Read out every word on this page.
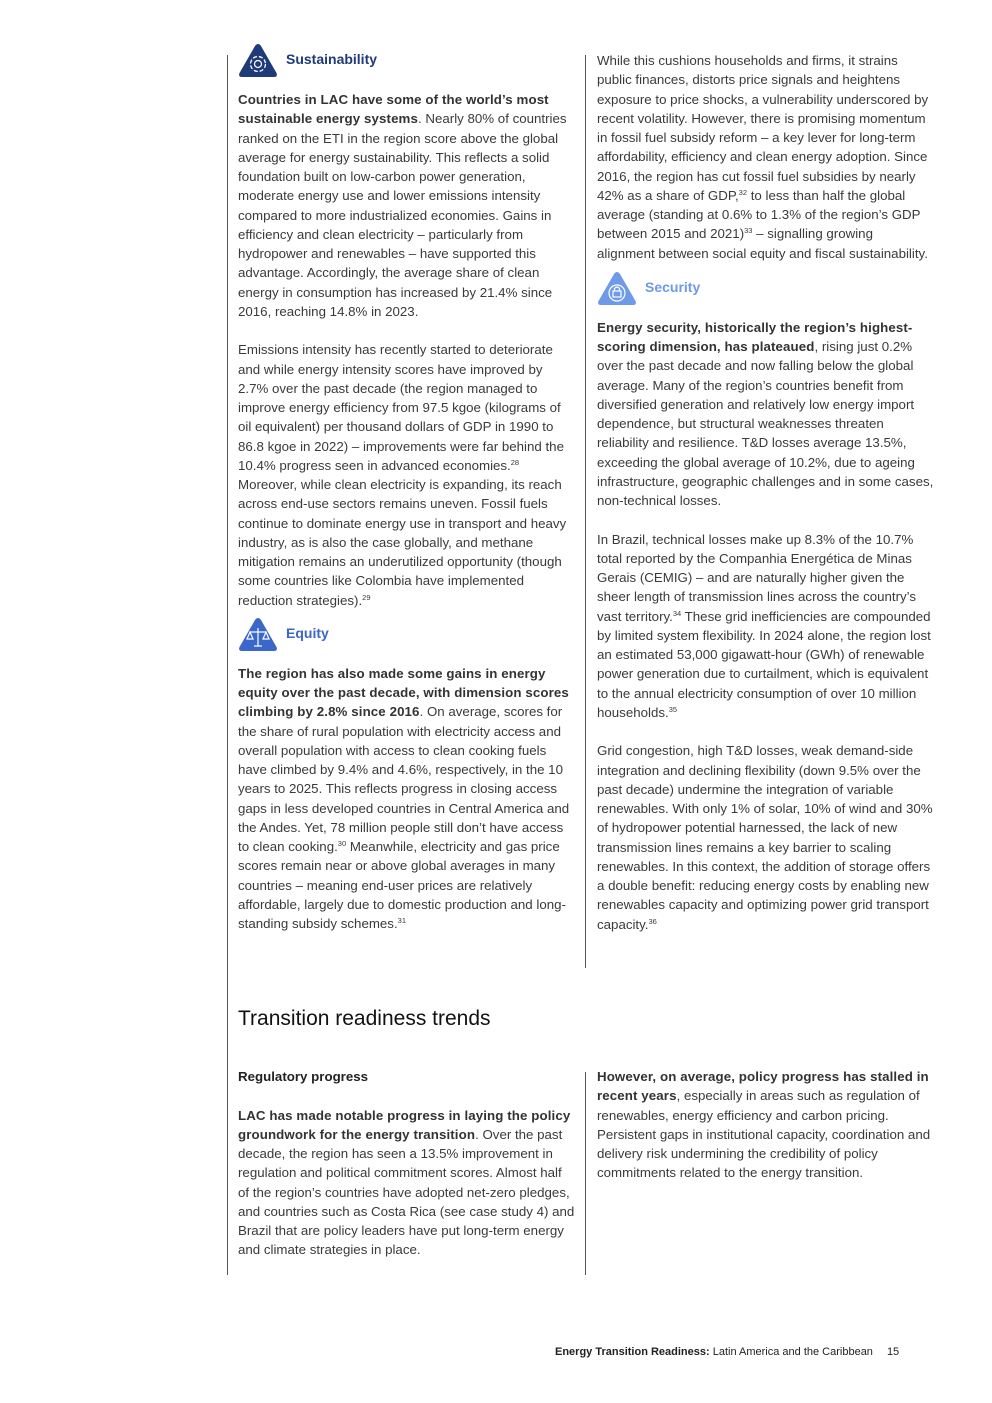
Sustainability

Countries in LAC have some of the world’s most sustainable energy systems. Nearly 80% of countries ranked on the ETI in the region score above the global average for energy sustainability. This reflects a solid foundation built on low-carbon power generation, moderate energy use and lower emissions intensity compared to more industrialized economies. Gains in efficiency and clean electricity – particularly from hydropower and renewables – have supported this advantage. Accordingly, the average share of clean energy in consumption has increased by 21.4% since 2016, reaching 14.8% in 2023.

Emissions intensity has recently started to deteriorate and while energy intensity scores have improved by 2.7% over the past decade (the region managed to improve energy efficiency from 97.5 kgoe (kilograms of oil equivalent) per thousand dollars of GDP in 1990 to 86.8 kgoe in 2022) – improvements were far behind the 10.4% progress seen in advanced economies.$^{28}$ Moreover, while clean electricity is expanding, its reach across end-use sectors remains uneven. Fossil fuels continue to dominate energy use in transport and heavy industry, as is also the case globally, and methane mitigation remains an underutilized opportunity (though some countries like Colombia have implemented reduction strategies).$^{29}$

Equity

The region has also made some gains in energy equity over the past decade, with dimension scores climbing by 2.8% since 2016. On average, scores for the share of rural population with electricity access and overall population with access to clean cooking fuels have climbed by 9.4% and 4.6%, respectively, in the 10 years to 2025. This reflects progress in closing access gaps in less developed countries in Central America and the Andes. Yet, 78 million people still don’t have access to clean cooking.$^{30}$ Meanwhile, electricity and gas price scores remain near or above global averages in many countries – meaning end-user prices are relatively affordable, largely due to domestic production and long-standing subsidy schemes.$^{31}$

While this cushions households and firms, it strains public finances, distorts price signals and heightens exposure to price shocks, a vulnerability underscored by recent volatility. However, there is promising momentum in fossil fuel subsidy reform – a key lever for long-term affordability, efficiency and clean energy adoption. Since 2016, the region has cut fossil fuel subsidies by nearly 42% as a share of GDP,$^{32}$ to less than half the global average (standing at 0.6% to 1.3% of the region’s GDP between 2015 and 2021)$^{33}$ – signalling growing alignment between social equity and fiscal sustainability.

Security

Energy security, historically the region’s highest-scoring dimension, has plateaued, rising just 0.2% over the past decade and now falling below the global average. Many of the region’s countries benefit from diversified generation and relatively low energy import dependence, but structural weaknesses threaten reliability and resilience. T&D losses average 13.5%, exceeding the global average of 10.2%, due to ageing infrastructure, geographic challenges and in some cases, non-technical losses.

In Brazil, technical losses make up 8.3% of the 10.7% total reported by the Companhia Energética de Minas Gerais (CEMIG) – and are naturally higher given the sheer length of transmission lines across the country’s vast territory.$^{34}$ These grid inefficiencies are compounded by limited system flexibility. In 2024 alone, the region lost an estimated 53,000 gigawatt-hour (GWh) of renewable power generation due to curtailment, which is equivalent to the annual electricity consumption of over 10 million households.$^{35}$

Grid congestion, high T&D losses, weak demand-side integration and declining flexibility (down 9.5% over the past decade) undermine the integration of variable renewables. With only 1% of solar, 10% of wind and 30% of hydropower potential harnessed, the lack of new transmission lines remains a key barrier to scaling renewables. In this context, the addition of storage offers a double benefit: reducing energy costs by enabling new renewables capacity and optimizing power grid transport capacity.$^{36}$

Transition readiness trends

Regulatory progress

LAC has made notable progress in laying the policy groundwork for the energy transition. Over the past decade, the region has seen a 13.5% improvement in regulation and political commitment scores. Almost half of the region’s countries have adopted net-zero pledges, and countries such as Costa Rica (see case study 4) and Brazil that are policy leaders have put long-term energy and climate strategies in place.

However, on average, policy progress has stalled in recent years, especially in areas such as regulation of renewables, energy efficiency and carbon pricing. Persistent gaps in institutional capacity, coordination and delivery risk undermining the credibility of policy commitments related to the energy transition.

Energy Transition Readiness: Latin America and the Caribbean 15
